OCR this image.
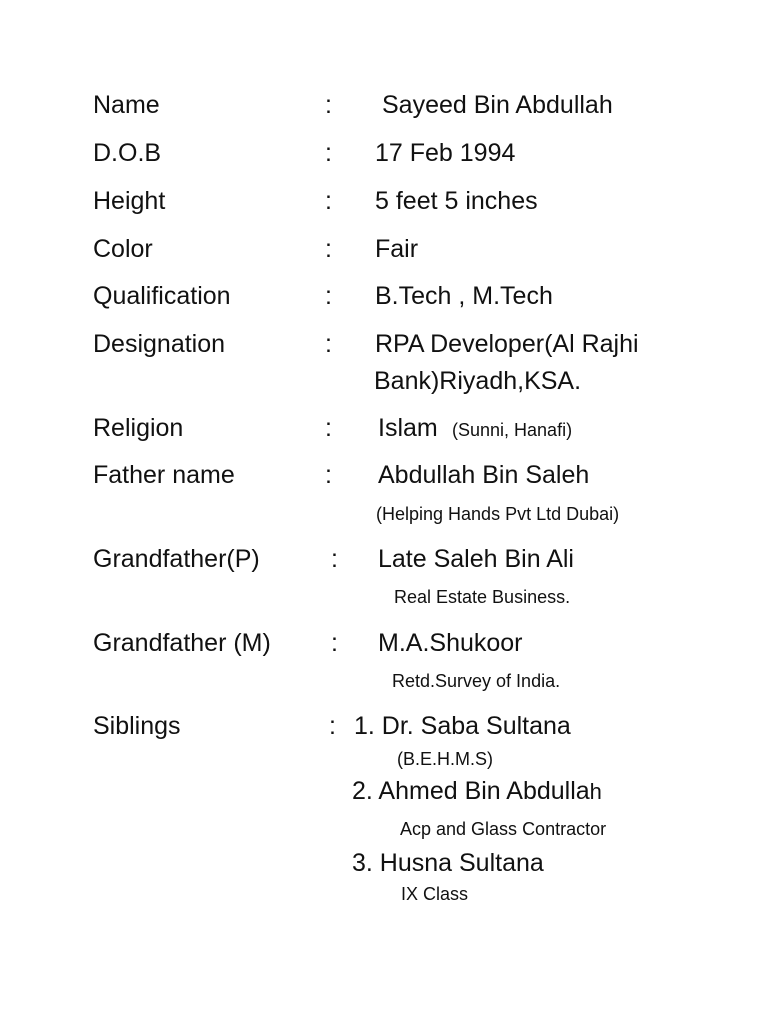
Name	: Sayeed Bin Abdullah
D.O.B	: 17 Feb 1994
Height	: 5 feet 5 inches
Color	: Fair
Qualification	: B.Tech , M.Tech
Designation	: RPA Developer(Al Rajhi
Bank)Riyadh,KSA.
Religion	: Islam (Sunni, Hanafi)
Father name	: Abdullah Bin Saleh
(Helping Hands Pvt Ltd Dubai)
Grandfather(P)	: Late Saleh Bin Ali
Real Estate Business.
Grandfather (M) : M.A.Shukoor
Retd.Survey of India.
Siblings	: 1. Dr. Saba Sultana
(B.E.H.M.S)
2. Ahmed Bin Abdullah
Acp and Glass Contractor
3. Husna Sultana
IX Class
